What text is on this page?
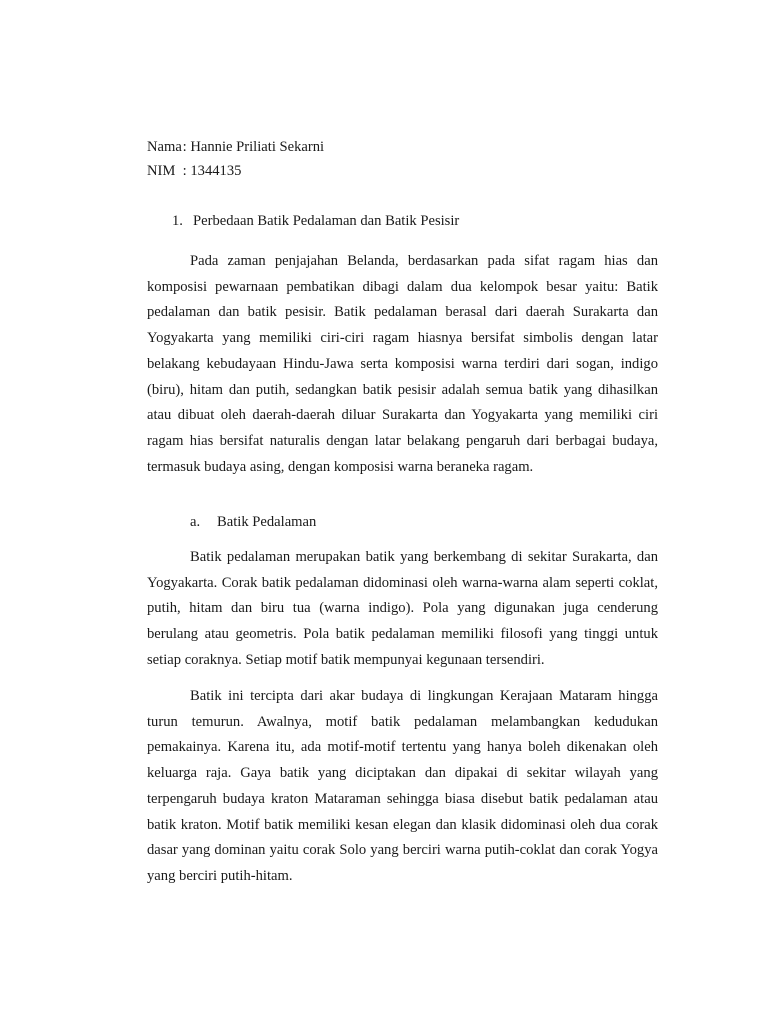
Nama : Hannie Priliati Sekarni
NIM : 1344135
1. Perbedaan Batik Pedalaman dan Batik Pesisir

Pada zaman penjajahan Belanda, berdasarkan pada sifat ragam hias dan komposisi pewarnaan pembatikan dibagi dalam dua kelompok besar yaitu: Batik pedalaman dan batik pesisir. Batik pedalaman berasal dari daerah Surakarta dan Yogyakarta yang memiliki ciri-ciri ragam hiasnya bersifat simbolis dengan latar belakang kebudayaan Hindu-Jawa serta komposisi warna terdiri dari sogan, indigo (biru), hitam dan putih, sedangkan batik pesisir adalah semua batik yang dihasilkan atau dibuat oleh daerah-daerah diluar Surakarta dan Yogyakarta yang memiliki ciri ragam hias bersifat naturalis dengan latar belakang pengaruh dari berbagai budaya, termasuk budaya asing, dengan komposisi warna beraneka ragam.

a. Batik Pedalaman

Batik pedalaman merupakan batik yang berkembang di sekitar Surakarta, dan Yogyakarta. Corak batik pedalaman didominasi oleh warna-warna alam seperti coklat, putih, hitam dan biru tua (warna indigo). Pola yang digunakan juga cenderung berulang atau geometris. Pola batik pedalaman memiliki filosofi yang tinggi untuk setiap coraknya. Setiap motif batik mempunyai kegunaan tersendiri.

Batik ini tercipta dari akar budaya di lingkungan Kerajaan Mataram hingga turun temurun. Awalnya, motif batik pedalaman melambangkan kedudukan pemakainya. Karena itu, ada motif-motif tertentu yang hanya boleh dikenakan oleh keluarga raja. Gaya batik yang diciptakan dan dipakai di sekitar wilayah yang terpengaruh budaya kraton Mataraman sehingga biasa disebut batik pedalaman atau batik kraton. Motif batik memiliki kesan elegan dan klasik didominasi oleh dua corak dasar yang dominan yaitu corak Solo yang berciri warna putih-coklat dan corak Yogya yang berciri putih-hitam.
